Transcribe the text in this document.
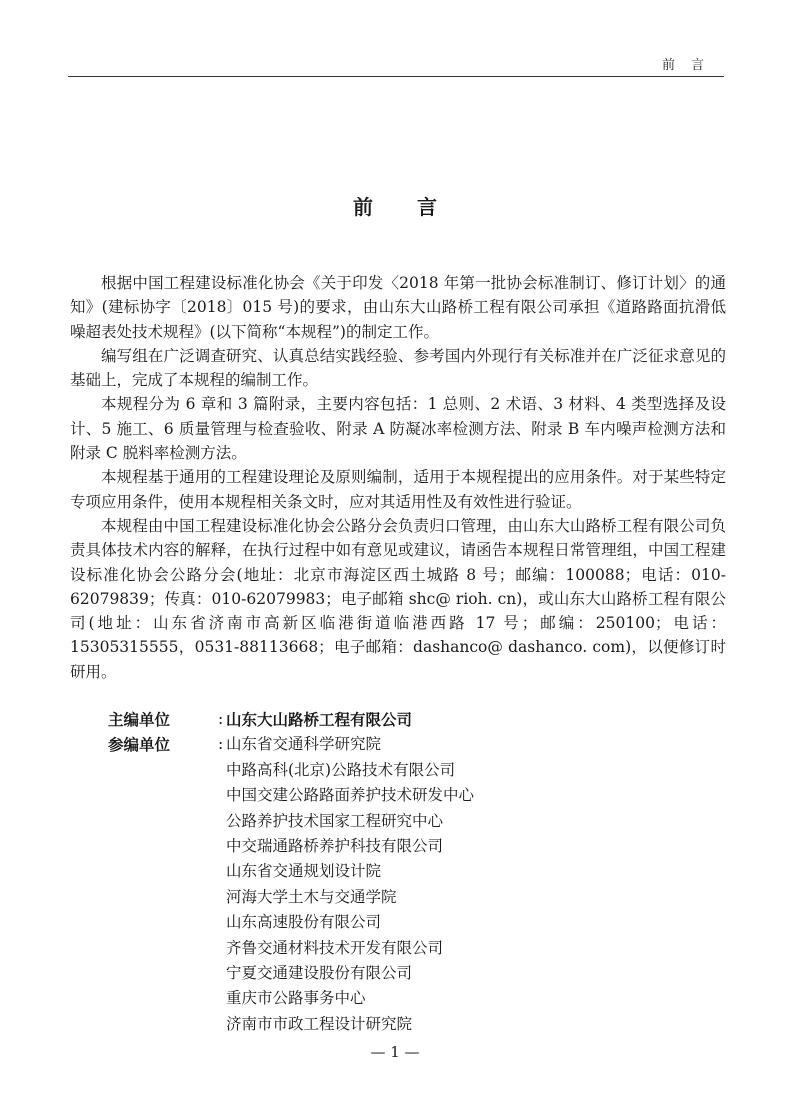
前言
前言

根据中国工程建设标准化协会《关于印发〈2018 年第一批协会标准制订、修订计划〉的通知》(建标协字〔2018〕015 号)的要求，由山东大山路桥工程有限公司承担《道路路面抗滑低噪超表处技术规程》(以下简称“本规程”)的制定工作。

编写组在广泛调查研究、认真总结实践经验、参考国内外现行有关标准并在广泛征求意见的基础上，完成了本规程的编制工作。

本规程分为 6 章和 3 篇附录，主要内容包括：1 总则、2 术语、3 材料、4 类型选择及设计、5 施工、6 质量管理与检查验收、附录 A 防凝冰率检测方法、附录 B 车内噪声检测方法和附录 C 脱料率检测方法。

本规程基于通用的工程建设理论及原则编制，适用于本规程提出的应用条件。对于某些特定专项应用条件，使用本规程相关条文时，应对其适用性及有效性进行验证。

本规程由中国工程建设标准化协会公路分会负责归口管理，由山东大山路桥工程有限公司负责具体技术内容的解释，在执行过程中如有意见或建议，请函告本规程日常管理组，中国工程建设标准化协会公路分会(地址：北京市海淀区西土城路 8 号；邮编：100088；电话：010-62079839；传真：010-62079983；电子邮箱 shc@ rioh. cn)，或山东大山路桥工程有限公司(地址：山东省济南市高新区临港街道临港西路 17 号；邮编：250100；电话：15305315555，0531-88113668；电子邮箱：dashanco@ dashanco. com)，以便修订时研用。

主编单位	: 山东大山路桥工程有限公司
参编单位	: 山东省交通科学研究院
中路高科(北京)公路技术有限公司
中国交建公路路面养护技术研发中心
公路养护技术国家工程研究中心
中交瑞通路桥养护科技有限公司
山东省交通规划设计院
河海大学土木与交通学院
山东高速股份有限公司
齐鲁交通材料技术开发有限公司
宁夏交通建设股份有限公司
重庆市公路事务中心
济南市市政工程设计研究院
— 1 —
